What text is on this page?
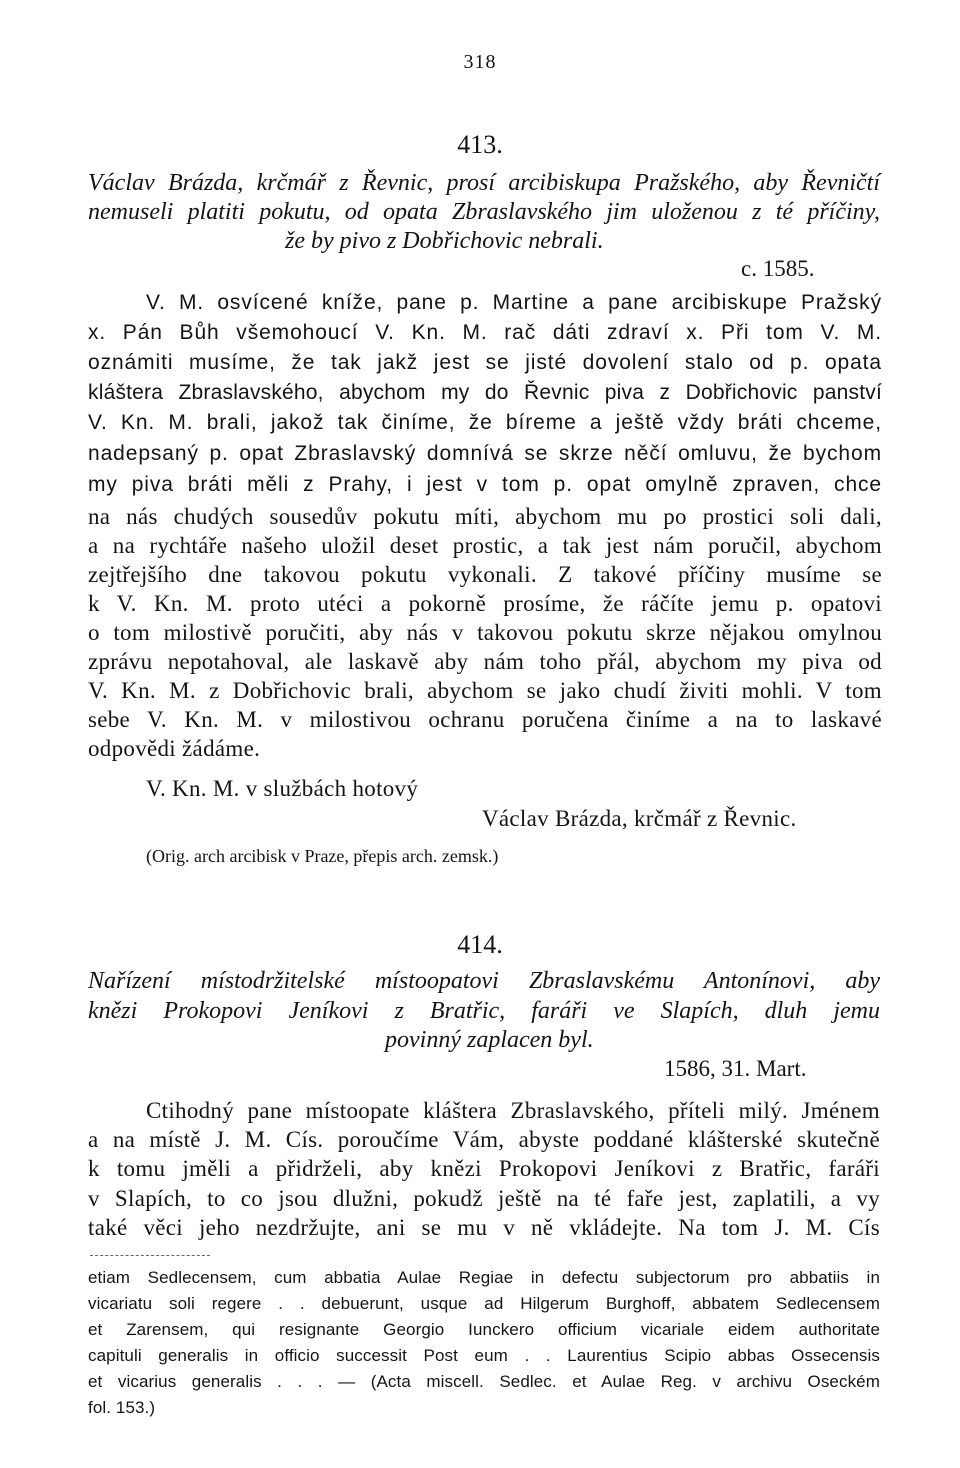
318
413.
Václav Brázda, krčmář z Řevnic, prosí arcibiskupa Pražského, aby Řevničtí
nemuseli platiti pokutu, od opata Zbraslavského jim uloženou z té příčiny,
že by pivo z Dobřichovic nebrali.
c. 1585.
V. M. osvícené kníže, pane p. Martine a pane arcibiskupe Pražský
x. Pán Bůh všemohoucí V. Kn. M. rač dáti zdraví x. Při tom V. M.
oznámiti musíme, že tak jakž jest se jisté dovolení stalo od p. opata
kláštera Zbraslavského, abychom my do Řevnic piva z Dobřichovic panství
V. Kn. M. brali, jakož tak činíme, že bíreme a ještě vždy bráti chceme,
nadepsaný p. opat Zbraslavský domnívá se skrze něčí omluvu, že bychom
my piva bráti měli z Prahy, i jest v tom p. opat omylně zpraven, chce
na nás chudých sousedův pokutu míti, abychom mu po prostici soli dali,
a na rychtáře našeho uložil deset prostic, a tak jest nám poručil, abychom
zejtřejšího dne takovou pokutu vykonali. Z takové příčiny musíme se
k V. Kn. M. proto utéci a pokorně prosíme, že ráčíte jemu p. opatovi
o tom milostivě poručiti, aby nás v takovou pokutu skrze nějakou omylnou
zprávu nepotahoval, ale laskavě aby nám toho přál, abychom my piva od
V. Kn. M. z Dobřichovic brali, abychom se jako chudí živiti mohli. V tom
sebe V. Kn. M. v milostivou ochranu poručena činíme a na to laskavé
odpovědi žádáme.
V. Kn. M. v službách hotový
Václav Brázda, krčmář z Řevnic.
(Orig. arch arcibisk v Praze, přepis arch. zemsk.)
414.
Nařízení místodržitelské místoopatovi Zbraslavskému Antonínovi, aby
knězi Prokopovi Jeníkovi z Bratřic, faráři ve Slapích, dluh jemu
povinný zaplacen byl.
1586, 31. Mart.
Ctihodný pane místoopate kláštera Zbraslavského, příteli milý. Jménem
a na místě J. M. Cís. poroučíme Vám, abyste poddané klášterské skutečně
k tomu jměli a přidrželi, aby knězi Prokopovi Jeníkovi z Bratřic, faráři
v Slapích, to co jsou dlužni, pokudž ještě na té faře jest, zaplatili, a vy
také věci jeho nezdržujte, ani se mu v ně vkládejte. Na tom J. M. Cís
etiam Sedlecensem, cum abbatia Aulae Regiae in defectu subjectorum pro abbatiis in
vicariatu soli regere . . debuerunt, usque ad Hilgerum Burghoff, abbatem Sedlecensem
et Zarensem, qui resignante Georgio Iunckero officium vicariale eidem authoritate
capituli generalis in officio successit Post eum . . Laurentius Scipio abbas Ossecensis
et vicarius generalis . . . — (Acta miscell. Sedlec. et Aulae Reg. v archivu Oseckém
fol. 153.)
